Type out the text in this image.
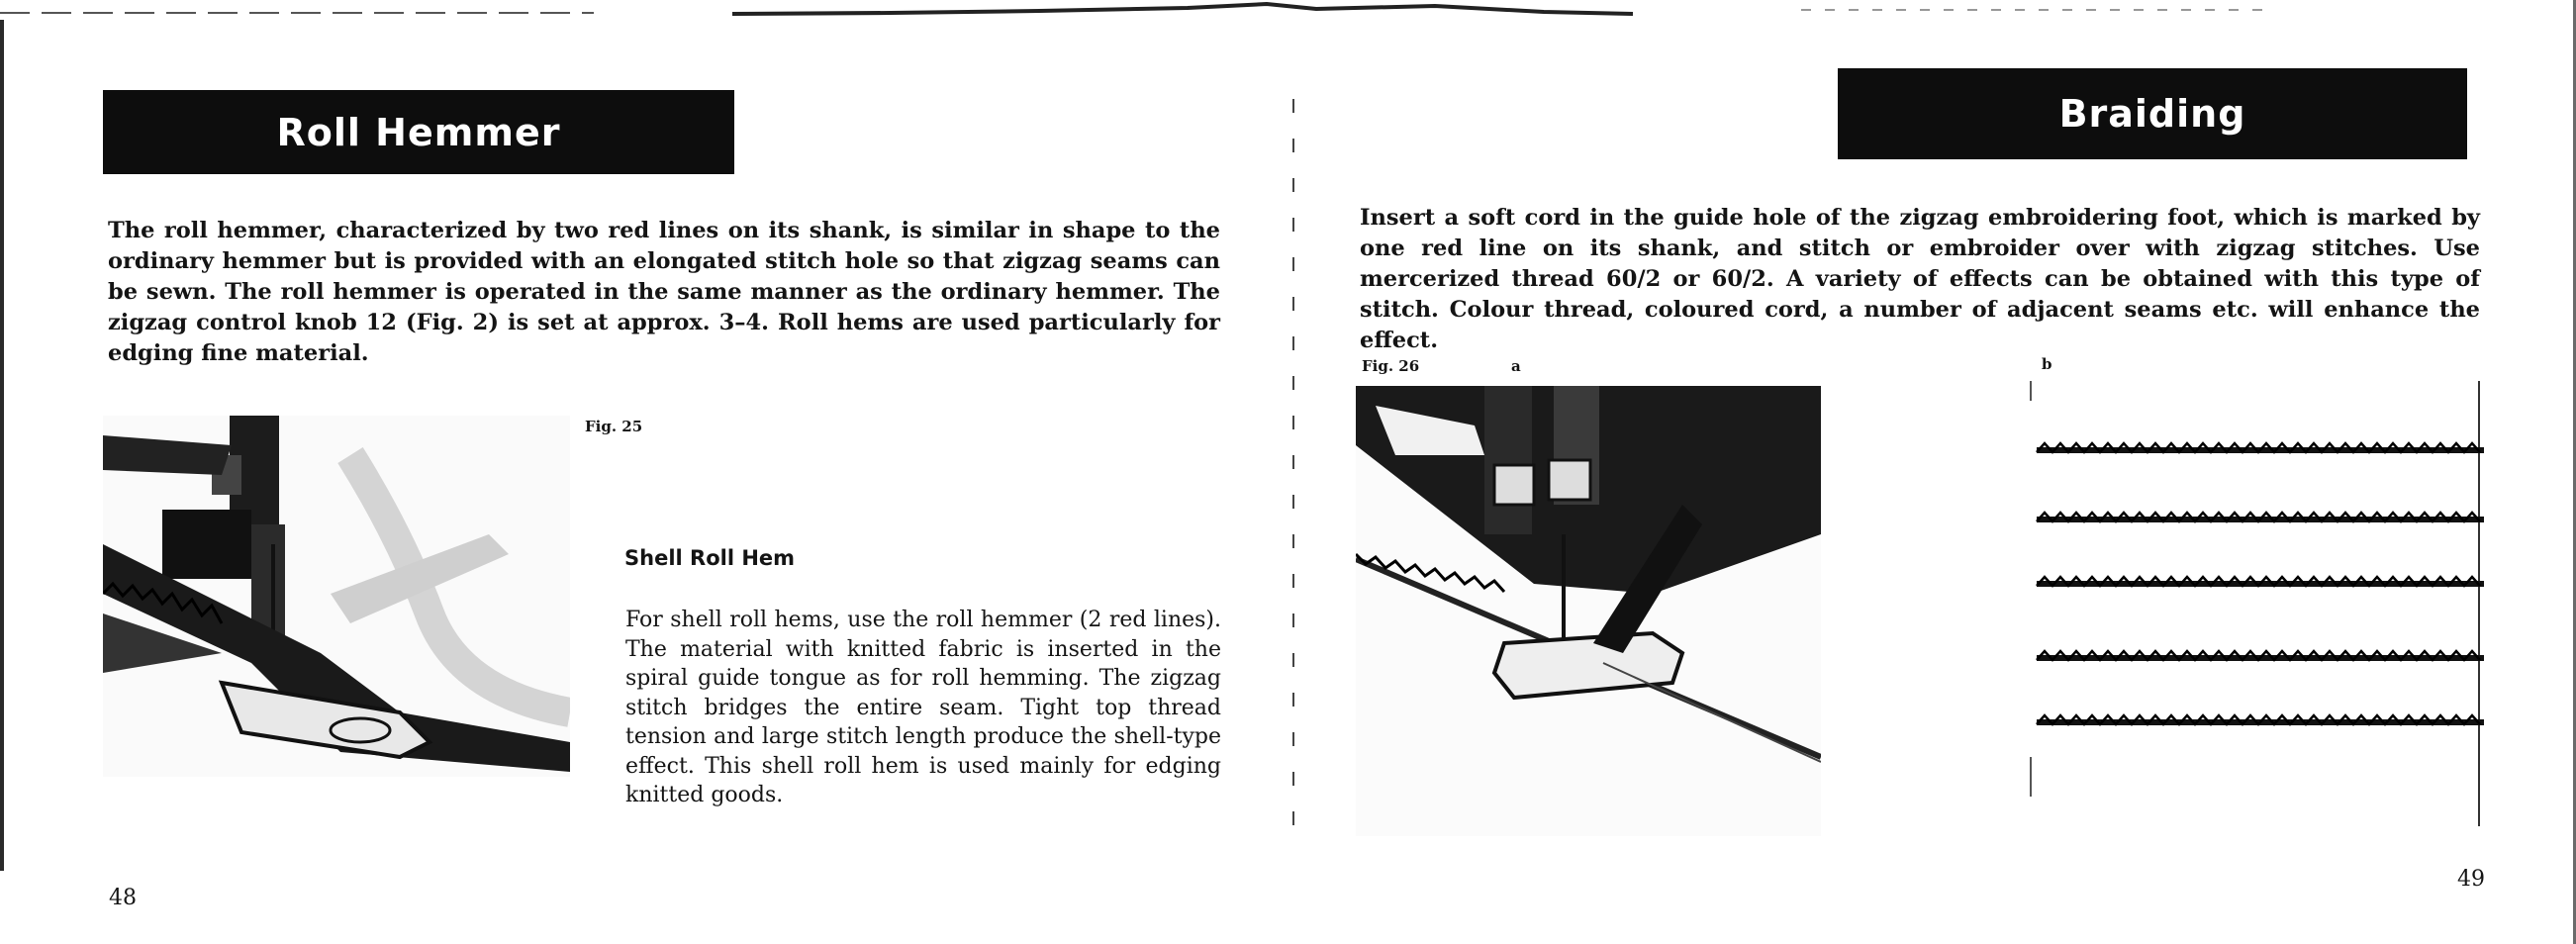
Roll Hemmer
The roll hemmer, characterized by two red lines on its shank, is similar in shape to the ordinary hemmer but is provided with an elongated stitch hole so that zigzag seams can be sewn. The roll hemmer is operated in the same manner as the ordinary hemmer. The zigzag control knob 12 (Fig. 2) is set at approx. 3–4. Roll hems are used particularly for edging fine material.
Fig. 25
Shell Roll Hem
For shell roll hems, use the roll hemmer (2 red lines). The material with knitted fabric is inserted in the spiral guide tongue as for roll hemming. The zigzag stitch bridges the entire seam. Tight top thread tension and large stitch length produce the shell-type effect. This shell roll hem is used mainly for edging knitted goods.
48
Braiding
Insert a soft cord in the guide hole of the zigzag embroidering foot, which is marked by one red line on its shank, and stitch or embroider over with zigzag stitches. Use mercerized thread 60/2 or 60/2. A variety of effects can be obtained with this type of stitch. Colour thread, coloured cord, a number of adjacent seams etc. will enhance the effect.
Fig. 26	a	b
49
